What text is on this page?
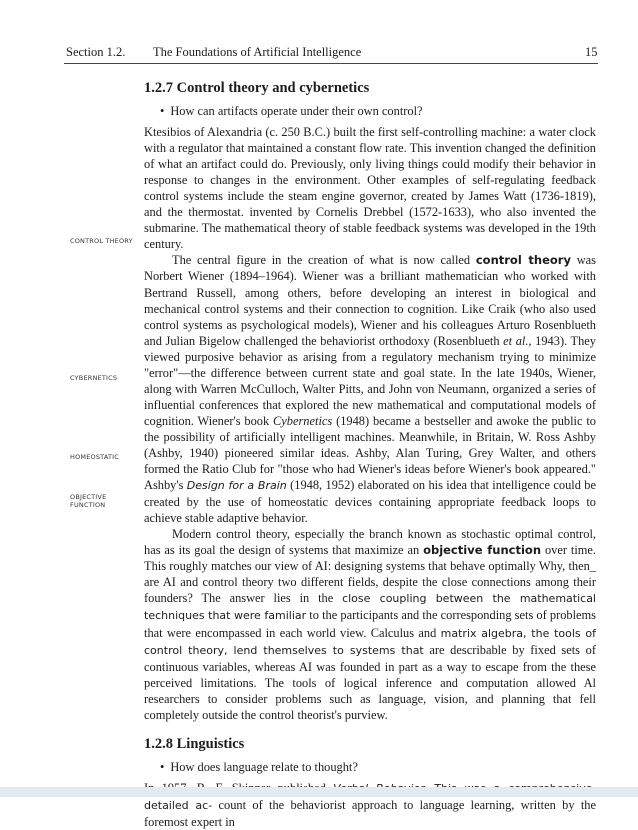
Section 1.2. The Foundations of Artificial Intelligence	15
CONTROL THEORY
CYBERNETICS
HOMEOSTATIC
OBJECTIVE
FUNCTION
1.2.7 Control theory and cybernetics
• How can artifacts operate under their own control?

Ktesibios of Alexandria (c. 250 B.C.) built the first self-controlling machine: a water clock with a regulator that maintained a constant flow rate. This invention changed the definition of what an artifact could do. Previously, only living things could modify their behavior in response to changes in the environment. Other examples of self-regulating feedback control systems include the steam engine governor, created by James Watt (1736-1819), and the thermostat. invented by Cornelis Drebbel (1572-1633), who also invented the submarine. The mathematical theory of stable feedback systems was developed in the 19th century.

The central figure in the creation of what is now called control theory was Norbert Wiener (1894–1964). Wiener was a brilliant mathematician who worked with Bertrand Russell, among others, before developing an interest in biological and mechanical control systems and their connection to cognition. Like Craik (who also used control systems as psychological models), Wiener and his colleagues Arturo Rosenblueth and Julian Bigelow challenged the behaviorist orthodoxy (Rosenblueth et al., 1943). They viewed purposive behavior as arising from a regulatory mechanism trying to minimize "error"—the difference between current state and goal state. In the late 1940s, Wiener, along with Warren McCulloch, Walter Pitts, and John von Neumann, organized a series of influential conferences that explored the new mathematical and computational models of cognition. Wiener's book Cybernetics (1948) became a bestseller and awoke the public to the possibility of artificially intelligent machines. Meanwhile, in Britain, W. Ross Ashby (Ashby, 1940) pioneered similar ideas. Ashby, Alan Turing, Grey Walter, and others formed the Ratio Club for "those who had Wiener's ideas before Wiener's book appeared." Ashby's Design for a Brain (1948, 1952) elaborated on his idea that intelligence could be created by the use of homeostatic devices containing appropriate feedback loops to achieve stable adaptive behavior.

Modern control theory, especially the branch known as stochastic optimal control, has as its goal the design of systems that maximize an objective function over time. This roughly matches our view of AI: designing systems that behave optimally Why, then_ are AI and control theory two different fields, despite the close connections among their founders? The answer lies in the close coupling between the mathematical techniques that were familiar to the participants and the corresponding sets of problems that were encompassed in each world view. Calculus and matrix algebra, the tools of control theory, lend themselves to systems that are describable by fixed sets of continuous variables, whereas AI was founded in part as a way to escape from the these perceived limitations. The tools of logical inference and computation allowed Al researchers to consider problems such as language, vision, and planning that fell completely outside the control theorist's purview.

1.2.8 Linguistics
• How does language relate to thought?

detailed ac- count of the behaviorist approach to language learning, written by the foremost expert in
